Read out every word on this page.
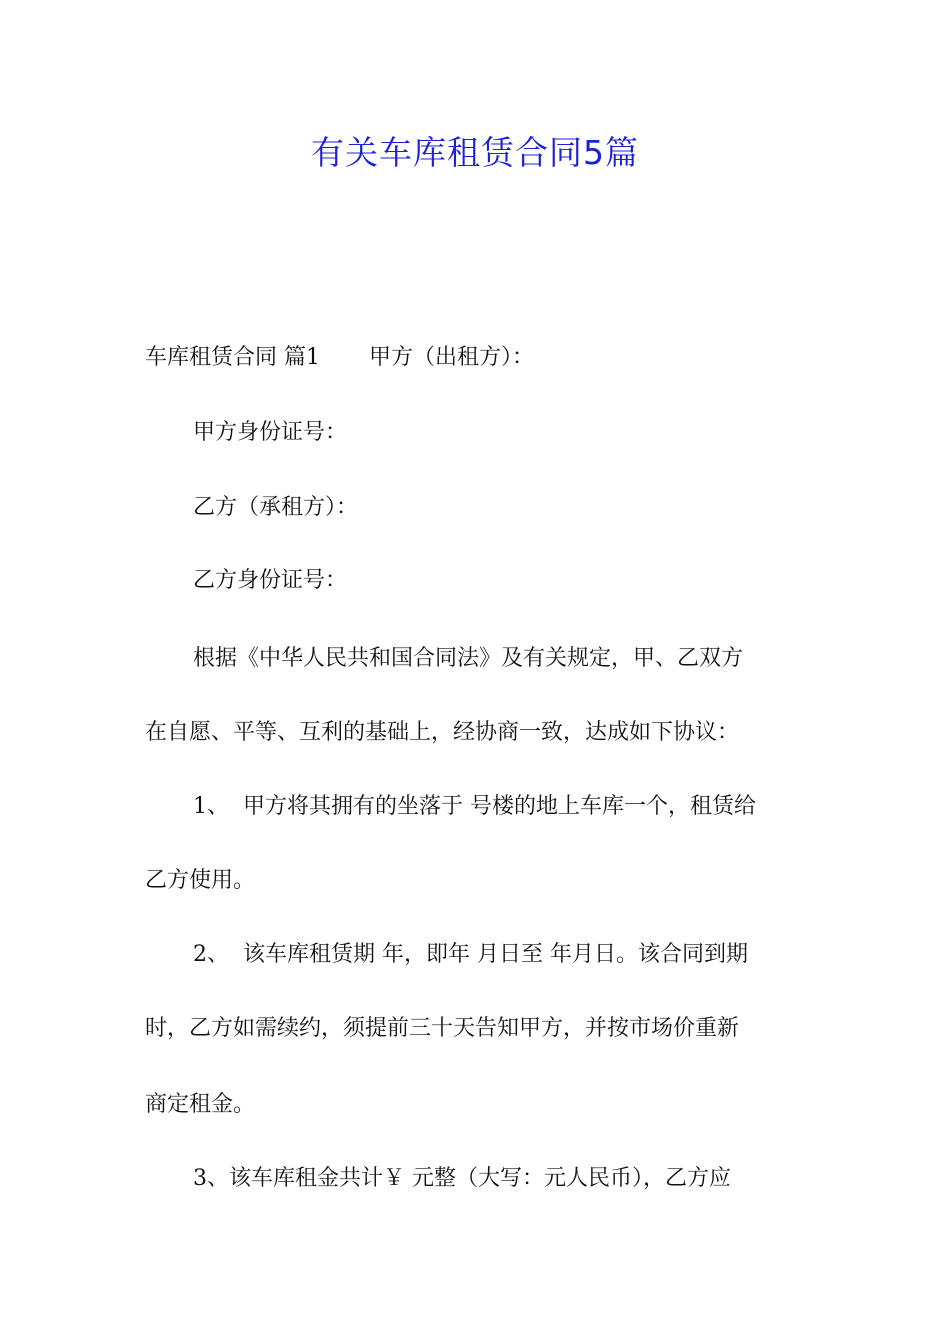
有关车库租赁合同5篇
车库租赁合同 篇1       甲方（出租方）：
甲方身份证号：
乙方（承租方）：
乙方身份证号：
根据《中华人民共和国合同法》及有关规定，甲、乙双方
在自愿、平等、互利的基础上，经协商一致，达成如下协议：
1、  甲方将其拥有的坐落于 号楼的地上车库一个，租赁给
乙方使用。
2、  该车库租赁期 年，即年 月日至 年月日。该合同到期
时，乙方如需续约，须提前三十天告知甲方，并按市场价重新
商定租金。
3、该车库租金共计￥ 元整（大写：元人民币），乙方应
